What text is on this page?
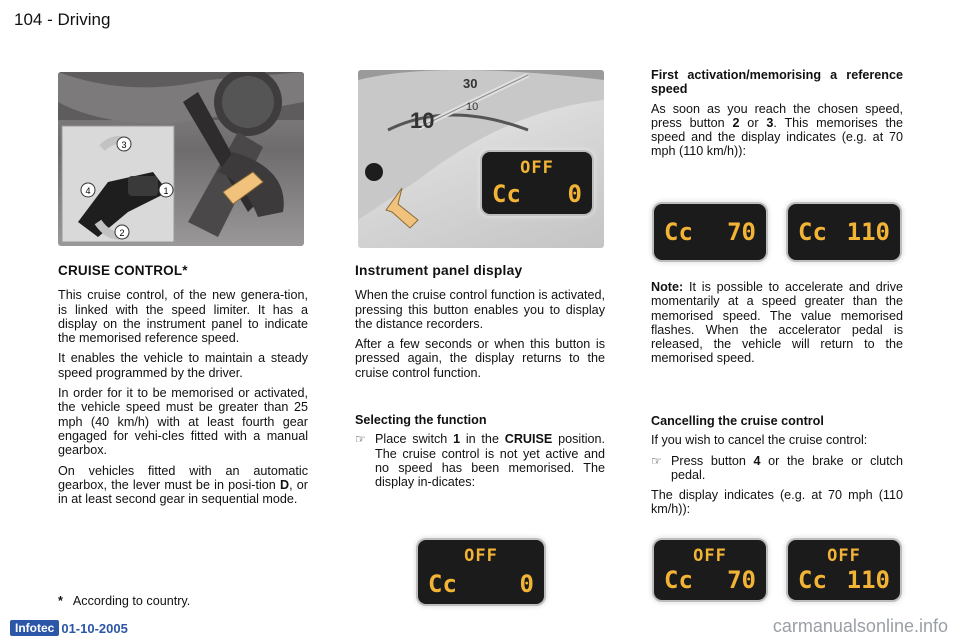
104 - Driving
3
4	1
2
30
10
10
OFF
Cc 0
CRUISE CONTROL*

This cruise control, of the new genera-tion, is linked with the speed limiter. It has a display on the instrument panel to indicate the memorised reference speed.

It enables the vehicle to maintain a steady speed programmed by the driver.

In order for it to be memorised or activated, the vehicle speed must be greater than 25 mph (40 km/h) with at least fourth gear engaged for vehi-cles fitted with a manual gearbox.

On vehicles fitted with an automatic gearbox, the lever must be in posi-tion D, or in at least second gear in sequential mode.

* According to country.
Instrument panel display

When the cruise control function is activated, pressing this button enables you to display the distance recorders.

After a few seconds or when this button is pressed again, the display returns to the cruise control function.

Selecting the function
☞ Place switch 1 in the CRUISE position. The cruise control is not yet active and no speed has been memorised. The display in-dicates:
OFF
Cc	0
First activation/memorising a reference speed

As soon as you reach the chosen speed, press button 2 or 3. This memorises the speed and the display indicates (e.g. at 70 mph (110 km/h)):

Cc 70 Cc 110

Note: It is possible to accelerate and drive momentarily at a speed greater than the memorised speed. The value memorised flashes. When the accelerator pedal is released, the vehicle will return to the memorised speed.

Cancelling the cruise control

If you wish to cancel the cruise control:

☞ Press button 4 or the brake or clutch pedal.

The display indicates (e.g. at 70 mph (110 km/h)):

OFF
Cc 70
OFF
Cc 110
Infotec 01-10-2005	carmanualsonline.info
